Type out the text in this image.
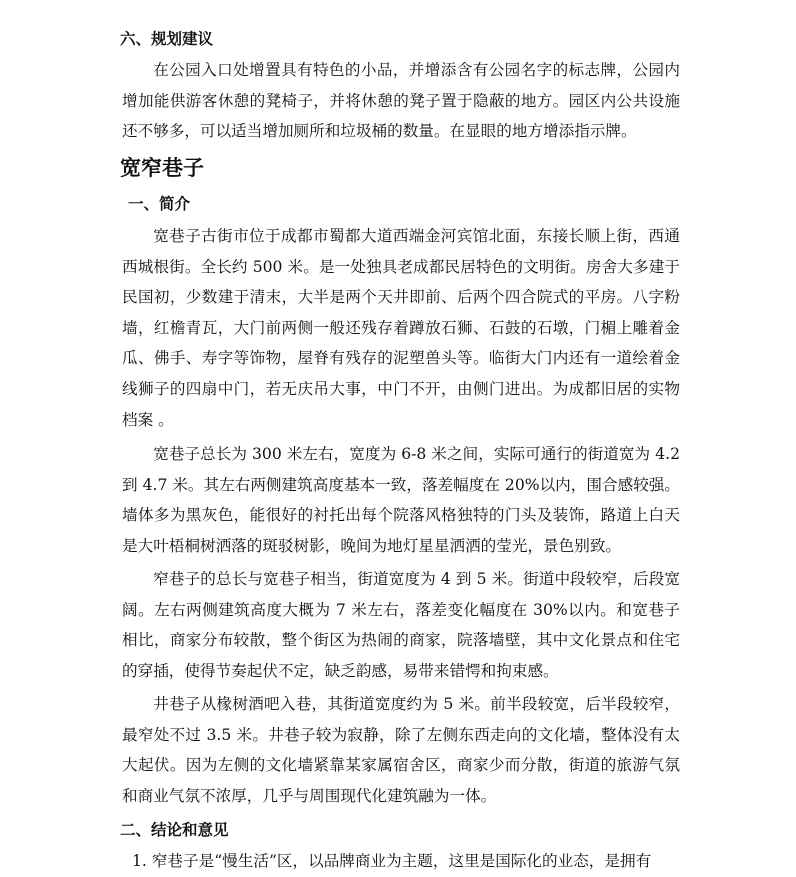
六、规划建议

在公园入口处增置具有特色的小品，并增添含有公园名字的标志牌，公园内增加能供游客休憩的凳椅子，并将休憩的凳子置于隐蔽的地方。园区内公共设施还不够多，可以适当增加厕所和垃圾桶的数量。在显眼的地方增添指示牌。

宽窄巷子
一、简介

宽巷子古街市位于成都市蜀都大道西端金河宾馆北面，东接长顺上街，西通西城根街。全长约 500 米。是一处独具老成都民居特色的文明街。房舍大多建于民国初，少数建于清末，大半是两个天井即前、后两个四合院式的平房。八字粉墙，红檐青瓦，大门前两侧一般还残存着蹲放石狮、石鼓的石墩，门楣上雕着金瓜、佛手、寿字等饰物，屋脊有残存的泥塑兽头等。临街大门内还有一道绘着金线狮子的四扇中门，若无庆吊大事，中门不开，由侧门进出。为成都旧居的实物档案 。

宽巷子总长为 300 米左右，宽度为 6-8 米之间，实际可通行的街道宽为 4.2 到 4.7 米。其左右两侧建筑高度基本一致，落差幅度在 20%以内，围合感较强。墙体多为黑灰色，能很好的衬托出每个院落风格独特的门头及装饰，路道上白天是大叶梧桐树洒落的斑驳树影，晚间为地灯星星洒洒的莹光，景色别致。

窄巷子的总长与宽巷子相当，街道宽度为 4 到 5 米。街道中段较窄，后段宽阔。左右两侧建筑高度大概为 7 米左右，落差变化幅度在 30%以内。和宽巷子相比，商家分布较散，整个街区为热闹的商家，院落墙壁，其中文化景点和住宅的穿插，使得节奏起伏不定，缺乏韵感，易带来错愕和拘束感。

井巷子从椽树酒吧入巷，其街道宽度约为 5 米。前半段较宽，后半段较窄，最窄处不过 3.5 米。井巷子较为寂静，除了左侧东西走向的文化墙，整体没有太大起伏。因为左侧的文化墙紧靠某家属宿舍区，商家少而分散，街道的旅游气氛和商业气氛不浓厚，几乎与周围现代化建筑融为一体。

二、结论和意见

1. 窄巷子是“慢生活”区，以品牌商业为主题，这里是国际化的业态，是拥有
